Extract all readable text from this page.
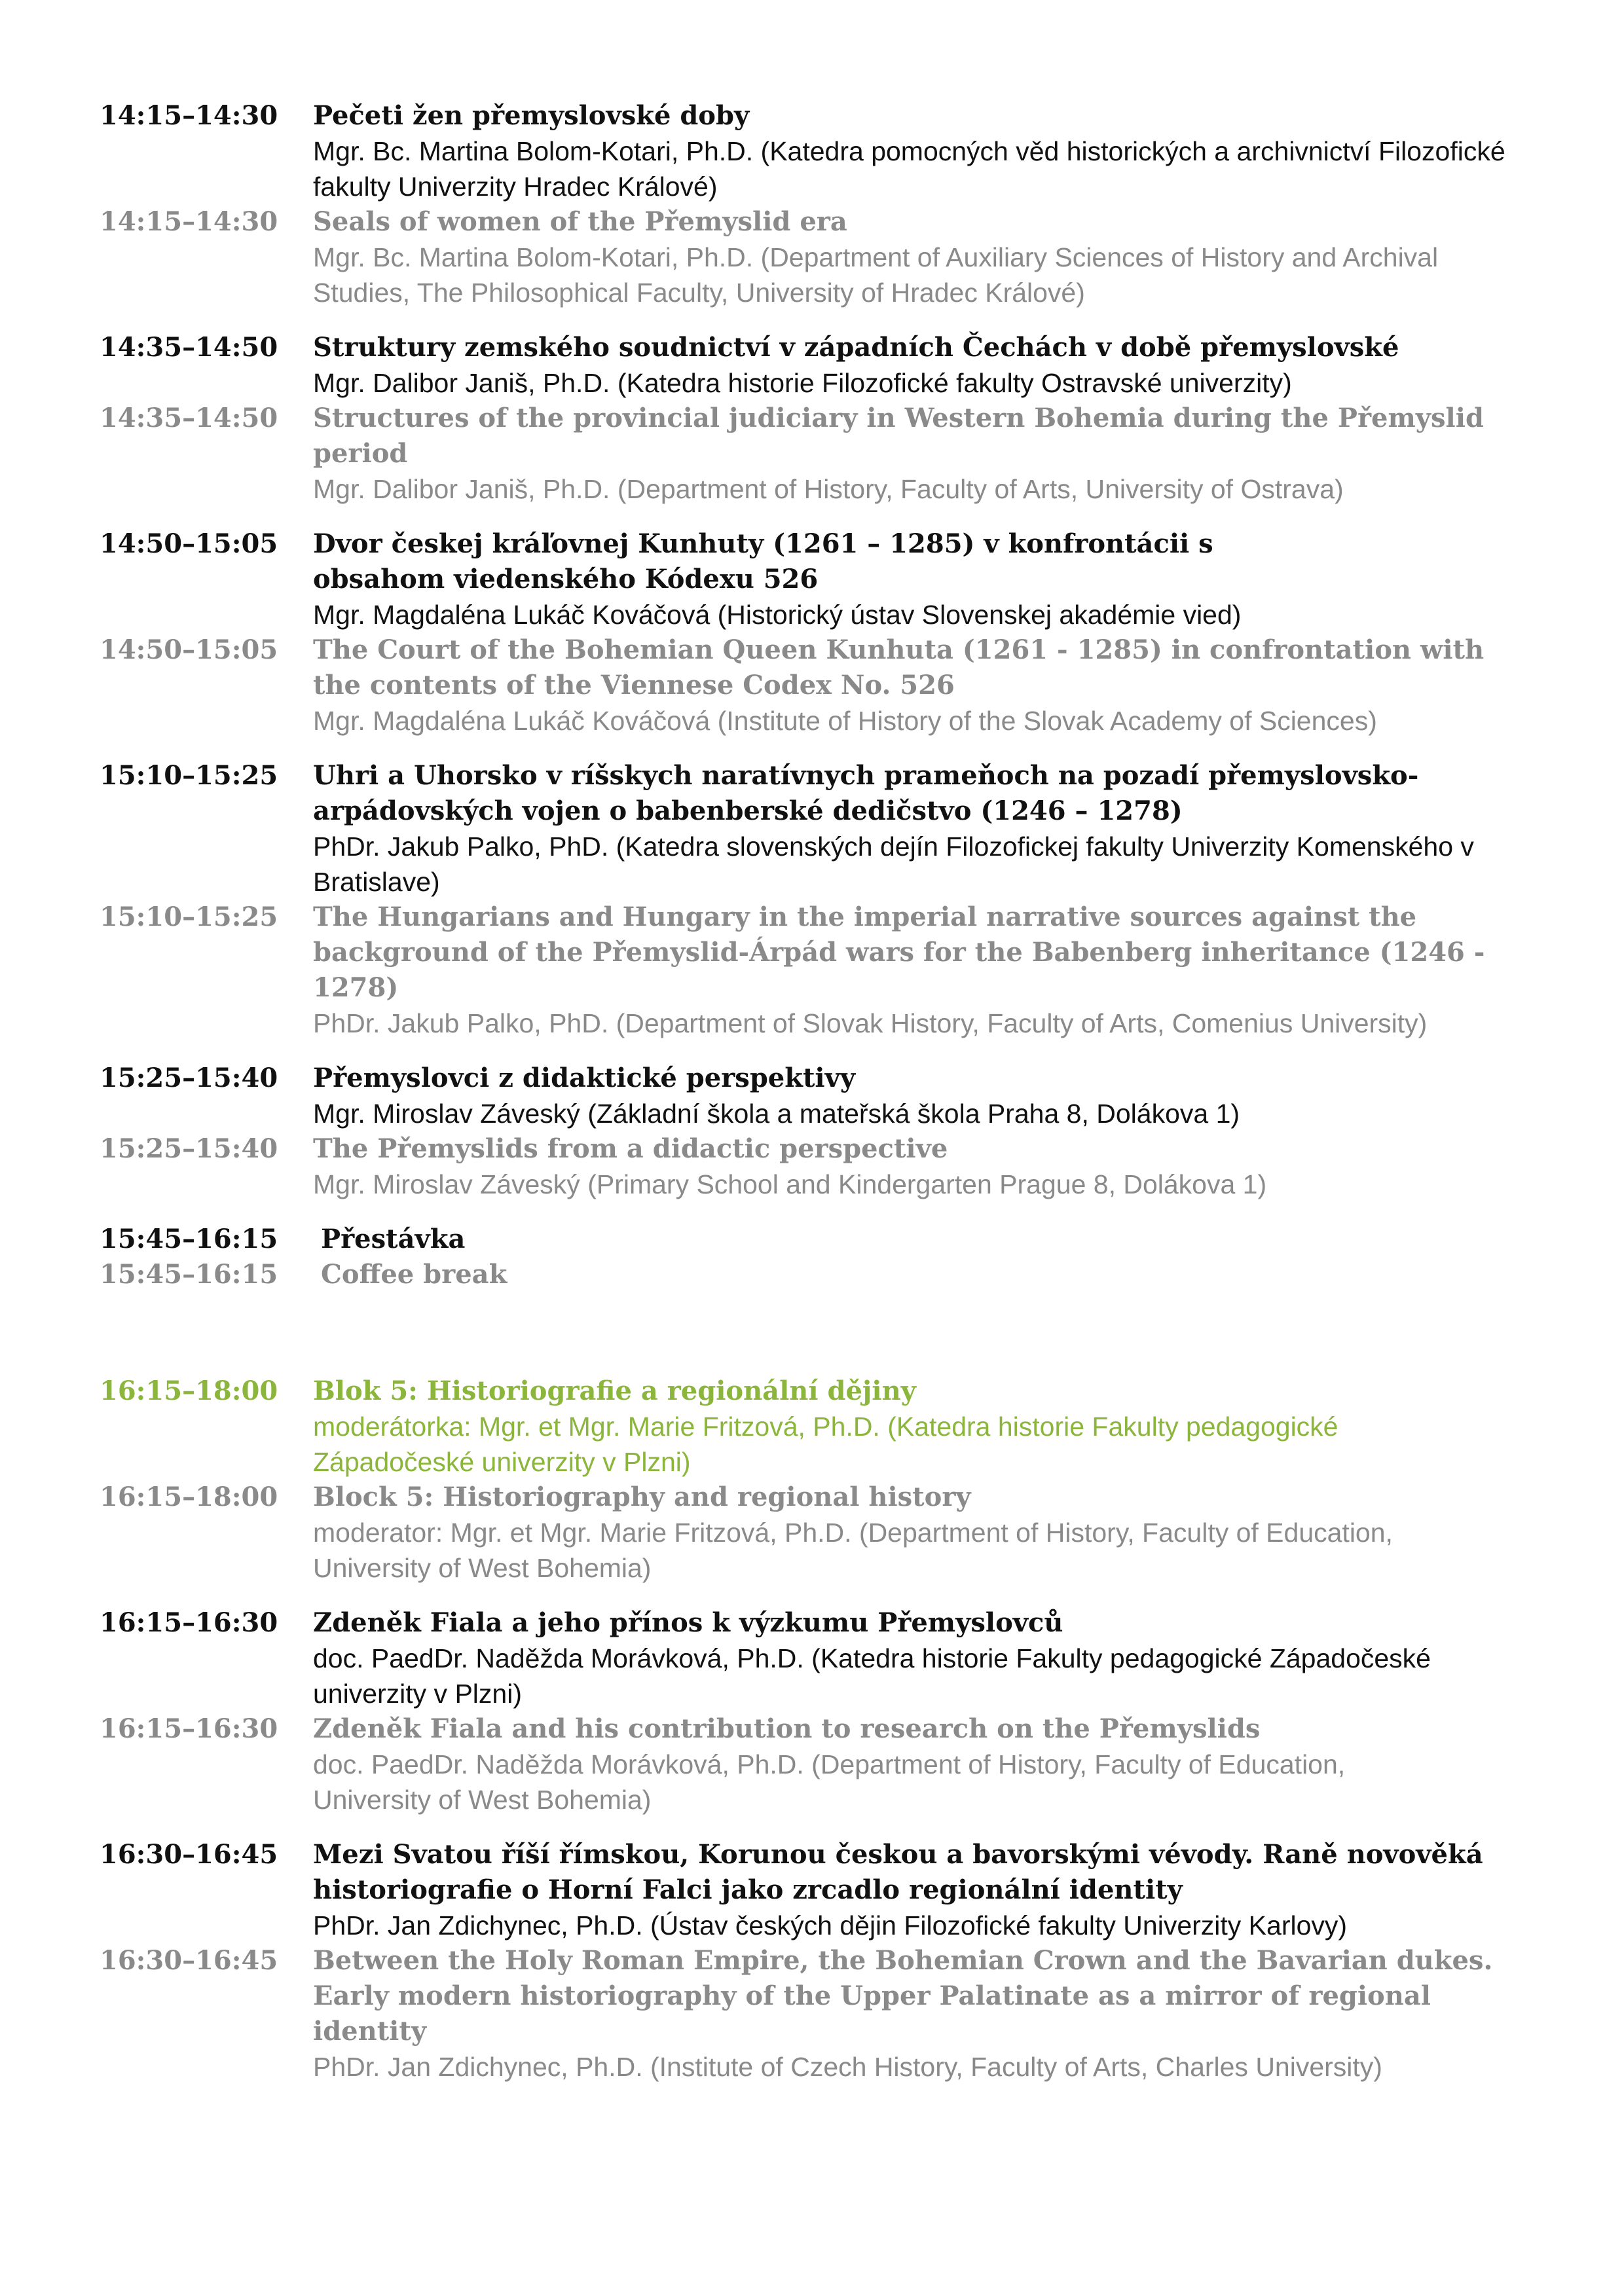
14:15–14:30	Pečeti žen přemyslovské doby
Mgr. Bc. Martina Bolom-Kotari, Ph.D. (Katedra pomocných věd historických a archivnictví Filozofické fakulty Univerzity Hradec Králové)
14:15–14:30	Seals of women of the Přemyslid era
Mgr. Bc. Martina Bolom-Kotari, Ph.D. (Department of Auxiliary Sciences of History and Archival Studies, The Philosophical Faculty, University of Hradec Králové)
14:35–14:50	Struktury zemského soudnictví v západních Čechách v době přemyslovské
Mgr. Dalibor Janiš, Ph.D. (Katedra historie Filozofické fakulty Ostravské univerzity)
14:35–14:50	Structures of the provincial judiciary in Western Bohemia during the Přemyslid period
Mgr. Dalibor Janiš, Ph.D. (Department of History, Faculty of Arts, University of Ostrava)
14:50–15:05	Dvor českej kráľovnej Kunhuty (1261 – 1285) v konfrontácii s obsahom viedenského Kódexu 526
Mgr. Magdaléna Lukáč Kováčová (Historický ústav Slovenskej akadémie vied)
14:50–15:05	The Court of the Bohemian Queen Kunhuta (1261 - 1285) in confrontation with the contents of the Viennese Codex No. 526
Mgr. Magdaléna Lukáč Kováčová (Institute of History of the Slovak Academy of Sciences)
15:10–15:25	Uhri a Uhorsko v ríšskych naratívnych prameňoch na pozadí přemyslovsko-arpádovských vojen o babenberské dedičstvo (1246 – 1278)
PhDr. Jakub Palko, PhD. (Katedra slovenských dejín Filozofickej fakulty Univerzity Komenského v Bratislave)
15:10–15:25	The Hungarians and Hungary in the imperial narrative sources against the background of the Přemyslid-Árpád wars for the Babenberg inheritance (1246 - 1278)
PhDr. Jakub Palko, PhD. (Department of Slovak History, Faculty of Arts, Comenius University)
15:25–15:40	Přemyslovci z didaktické perspektivy
Mgr. Miroslav Záveský (Základní škola a mateřská škola Praha 8, Dolákova 1)
15:25–15:40	The Přemyslids from a didactic perspective
Mgr. Miroslav Záveský (Primary School and Kindergarten Prague 8, Dolákova 1)
15:45–16:15	Přestávka
15:45–16:15	Coffee break
16:15–18:00	Blok 5: Historiografie a regionální dějiny
moderátorka: Mgr. et Mgr. Marie Fritzová, Ph.D. (Katedra historie Fakulty pedagogické Západočeské univerzity v Plzni)
16:15–18:00	Block 5: Historiography and regional history
moderator: Mgr. et Mgr. Marie Fritzová, Ph.D. (Department of History, Faculty of Education, University of West Bohemia)
16:15–16:30	Zdeněk Fiala a jeho přínos k výzkumu Přemyslovců
doc. PaedDr. Naděžda Morávková, Ph.D. (Katedra historie Fakulty pedagogické Západočeské univerzity v Plzni)
16:15–16:30	Zdeněk Fiala and his contribution to research on the Přemyslids
doc. PaedDr. Naděžda Morávková, Ph.D. (Department of History, Faculty of Education, University of West Bohemia)
16:30–16:45	Mezi Svatou říší římskou, Korunou českou a bavorskými vévody. Raně novověká historiografie o Horní Falci jako zrcadlo regionální identity
PhDr. Jan Zdichynec, Ph.D. (Ústav českých dějin Filozofické fakulty Univerzity Karlovy)
16:30–16:45	Between the Holy Roman Empire, the Bohemian Crown and the Bavarian dukes. Early modern historiography of the Upper Palatinate as a mirror of regional identity
PhDr. Jan Zdichynec, Ph.D. (Institute of Czech History, Faculty of Arts, Charles University)
